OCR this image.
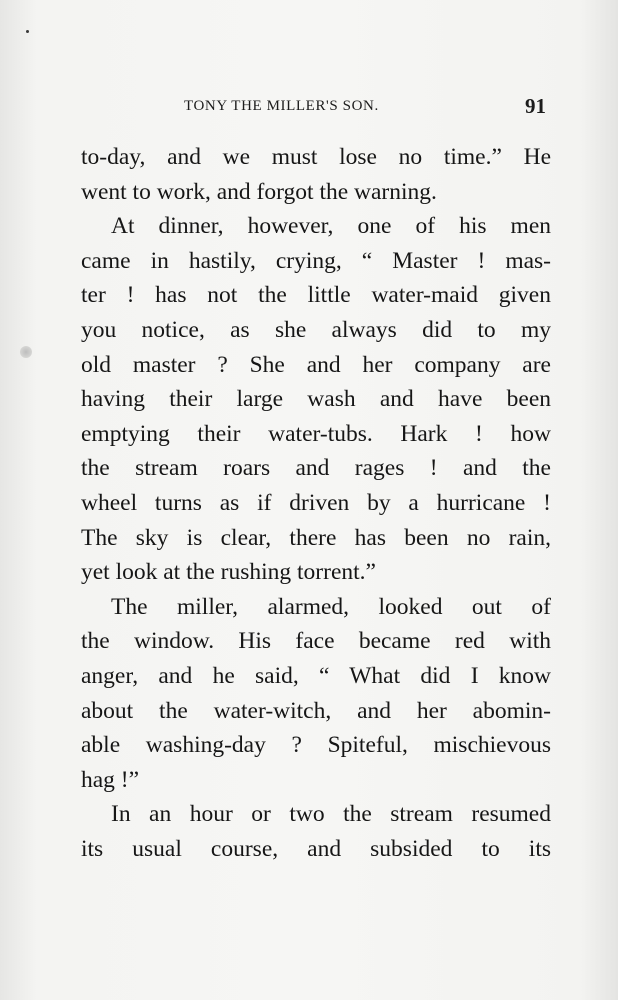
TONY THE MILLER'S SON.	91
to-day, and we must lose no time.” He
went to work, and forgot the warning.
At dinner, however, one of his men
came in hastily, crying, “ Master ! mas-
ter ! has not the little water-maid given
you notice, as she always did to my
old master ? She and her company are
having their large wash and have been
emptying their water-tubs. Hark ! how
the stream roars and rages ! and the
wheel turns as if driven by a hurricane !
The sky is clear, there has been no rain,
yet look at the rushing torrent.”
The miller, alarmed, looked out of
the window. His face became red with
anger, and he said, “ What did I know
about the water-witch, and her abomin-
able washing-day ? Spiteful, mischievous
hag !”
In an hour or two the stream resumed
its usual course, and subsided to its
